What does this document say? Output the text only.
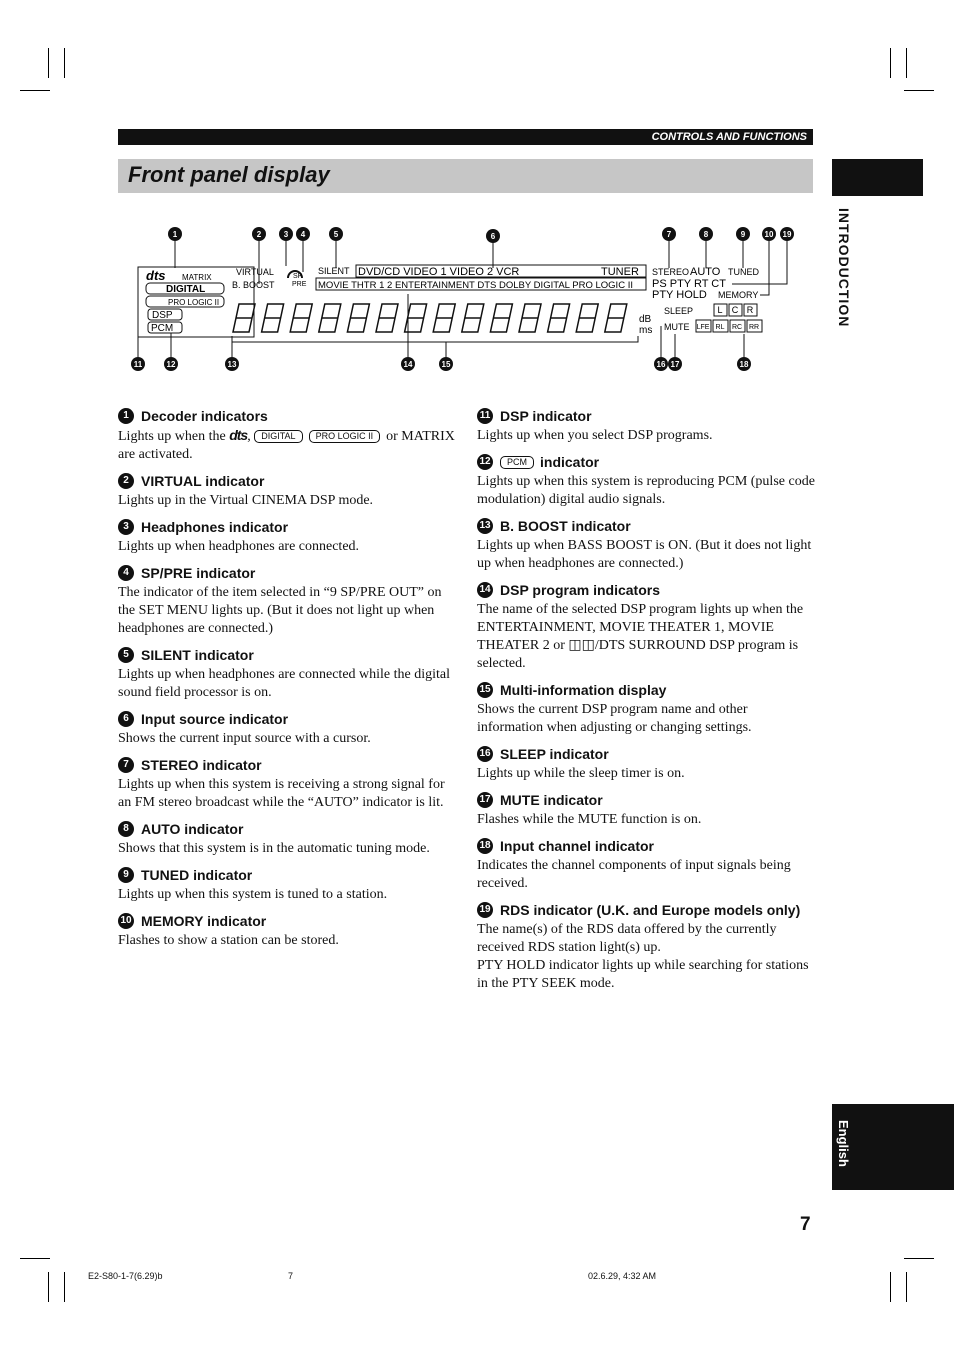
CONTROLS AND FUNCTIONS
Front panel display
INTRODUCTION
1	2	3 4	5	6	7	8	9 10 19
dts MATRIX
DIGITAL
PRO LOGIC II
DSP
PCM
VIRTUAL
B. BOOST
SP
PRE
SILENT DVD/CD VIDEO 1 VIDEO 2 VCR	TUNER
MOVIE THTR 1 2 ENTERTAINMENT DTS DOLBY DIGITAL PRO LOGIC II
STEREO AUTO TUNED
PS PTY RT CT
PTY HOLD MEMORY
dB
ms
SLEEP
MUTE
L C R
LFE RL RC RR
11	12	13	14	15	16 17	18
1 Decoder indicators

Lights up when the dts, DIGITAL PRO LOGIC II or MATRIX are activated.

2 VIRTUAL indicator

Lights up in the Virtual CINEMA DSP mode.

3 Headphones indicator

Lights up when headphones are connected.

4 SP/PRE indicator

The indicator of the item selected in “9 SP/PRE OUT” on the SET MENU lights up. (But it does not light up when headphones are connected.)

5 SILENT indicator

Lights up when headphones are connected while the digital sound field processor is on.

6 Input source indicator

Shows the current input source with a cursor.

7 STEREO indicator

Lights up when this system is receiving a strong signal for an FM stereo broadcast while the “AUTO” indicator is lit.

8 AUTO indicator

Shows that this system is in the automatic tuning mode.

9 TUNED indicator

Lights up when this system is tuned to a station.

10 MEMORY indicator

Flashes to show a station can be stored.

11 DSP indicator

Lights up when you select DSP programs.

12	PCM indicator

Lights up when this system is reproducing PCM (pulse code modulation) digital audio signals.

13 B. BOOST indicator

Lights up when BASS BOOST is ON. (But it does not light up when headphones are connected.)

14 DSP program indicators

The name of the selected DSP program lights up when the ENTERTAINMENT, MOVIE THEATER 1, MOVIE THEATER 2 or ◫◫/DTS SURROUND DSP program is selected.

15 Multi-information display

Shows the current DSP program name and other information when adjusting or changing settings.

16 SLEEP indicator

Lights up while the sleep timer is on.

17 MUTE indicator

Flashes while the MUTE function is on.

18 Input channel indicator

Indicates the channel components of input signals being received.

19 RDS indicator (U.K. and Europe models only)

The name(s) of the RDS data offered by the currently received RDS station light(s) up.

PTY HOLD indicator lights up while searching for stations in the PTY SEEK mode.

English
7
E2-S80-1-7(6.29)b	7	02.6.29, 4:32 AM
